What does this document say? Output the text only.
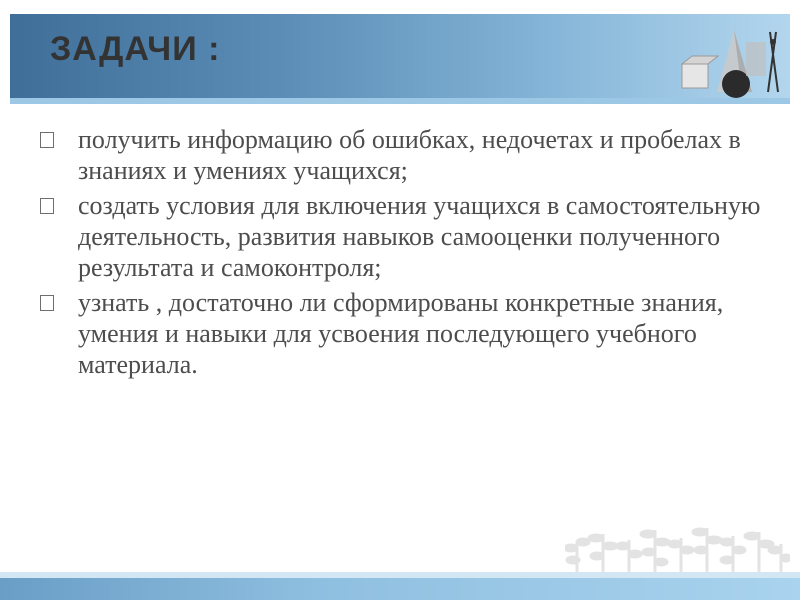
ЗАДАЧИ :
получить информацию об ошибках, недочетах и пробелах в знаниях и умениях учащихся;
создать условия для включения учащихся в самостоятельную деятельность, развития навыков самооценки полученного результата и самоконтроля;
узнать , достаточно ли сформированы конкретные знания, умения и навыки для усвоения последующего учебного материала.
